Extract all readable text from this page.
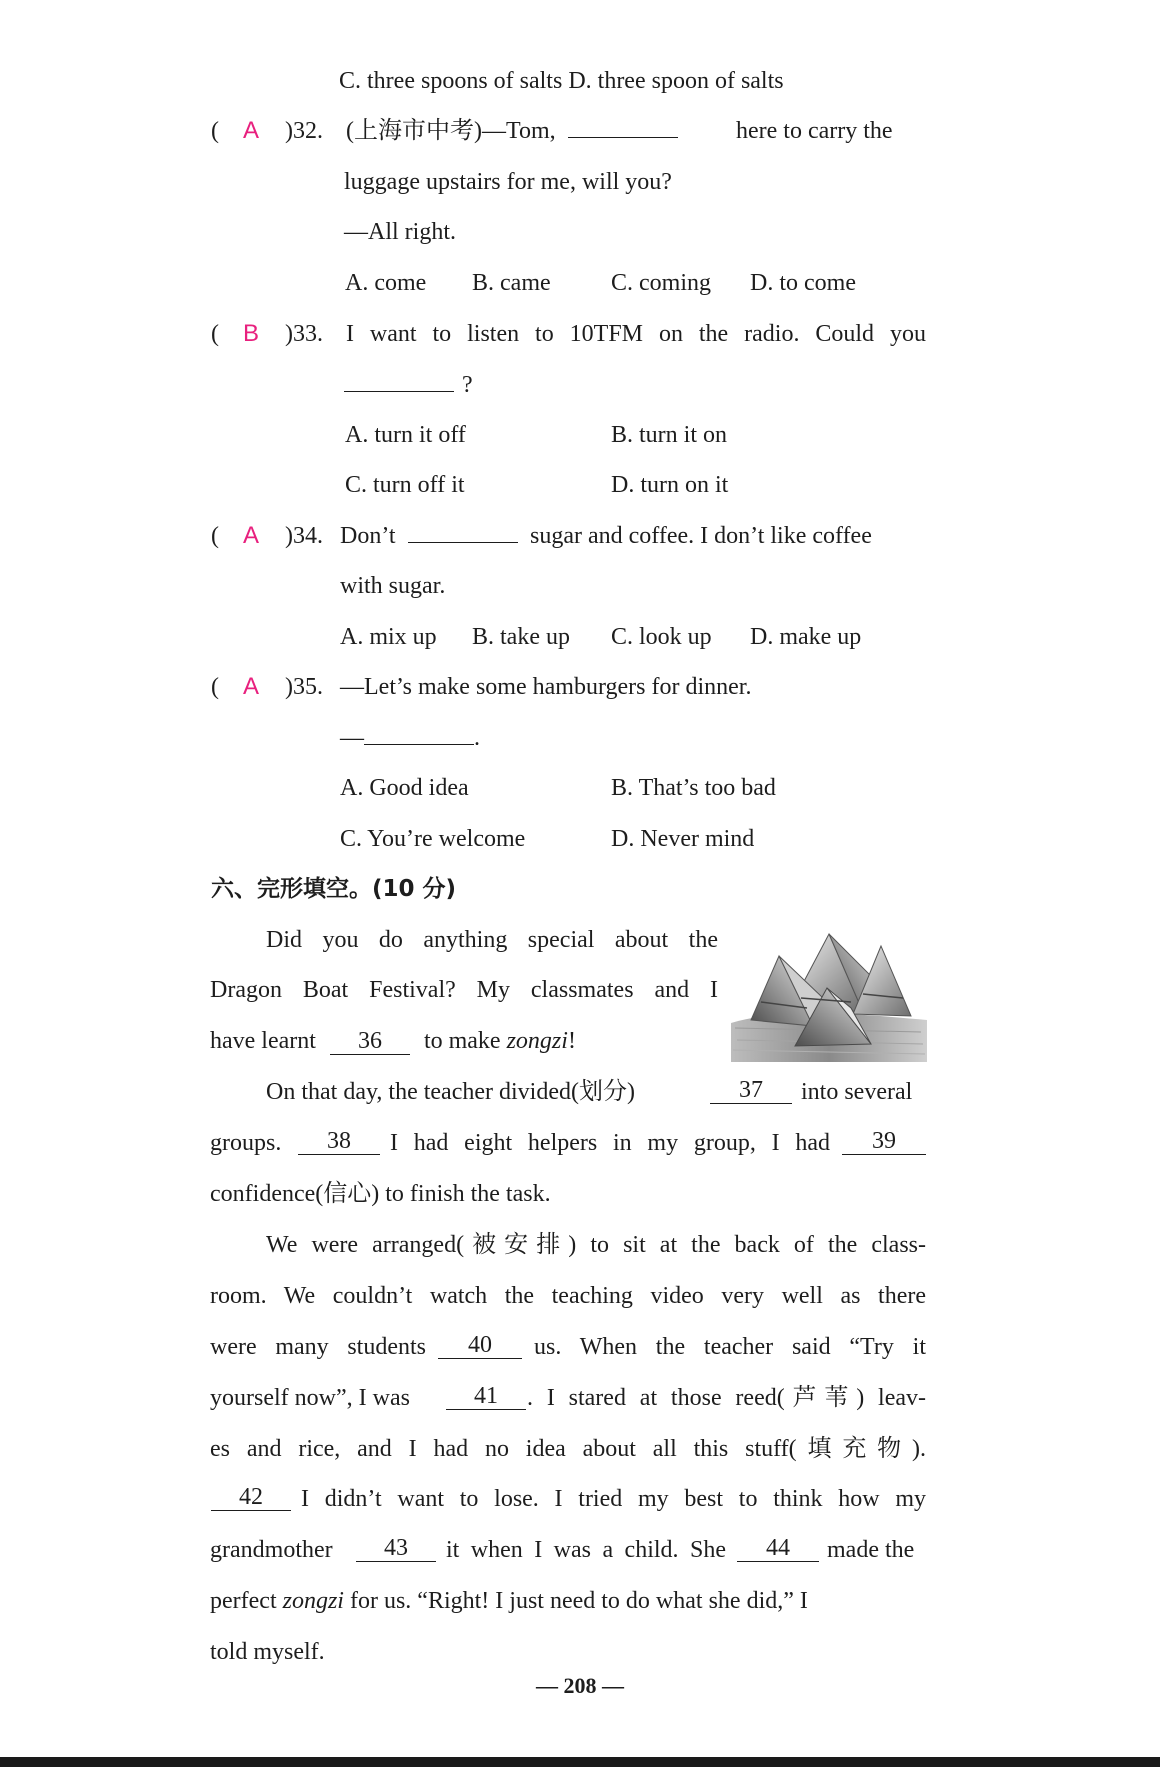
C. three spoons of salts D. three spoon of salts
( A )32. (上海市中考)—Tom,	here to carry the
luggage upstairs for me, will you?
—All right.
A. come B. came	C. coming D. to come
( B )33. I want to listen to 10TFM on the radio. Could you
?
A. turn it off	B. turn it on
C. turn off it	D. turn on it
( A )34. Don’t	sugar and coffee. I don’t like coffee
with sugar.
A. mix up B. take up C. look up D. make up
( A )35. —Let’s make some hamburgers for dinner.
—	.
A. Good idea	B. That’s too bad
C. You’re welcome	D. Never mind
六、完形填空。(10 分)
Did you do anything special about the
Dragon Boat Festival? My classmates and I
have learnt 36 to make zongzi!
On that day, the teacher divided(划分)	37	into several
groups.	38	I had eight helpers in my group, I had	39
confidence(信心) to finish the task.
We were arranged(被安排) to sit at the back of the class-
room. We couldn’t watch the teaching video very well as there
were many students	40	us. When the teacher said “Try it
yourself now”, I was	41	. I stared at those reed(芦苇) leav-
es and rice, and I had no idea about all this stuff(填充物).
42	I didn’t want to lose. I tried my best to think how my
grandmother	43	it when I was a child. She	44	made the
perfect zongzi for us. “Right! I just need to do what she did,” I
told myself.
— 208 —
